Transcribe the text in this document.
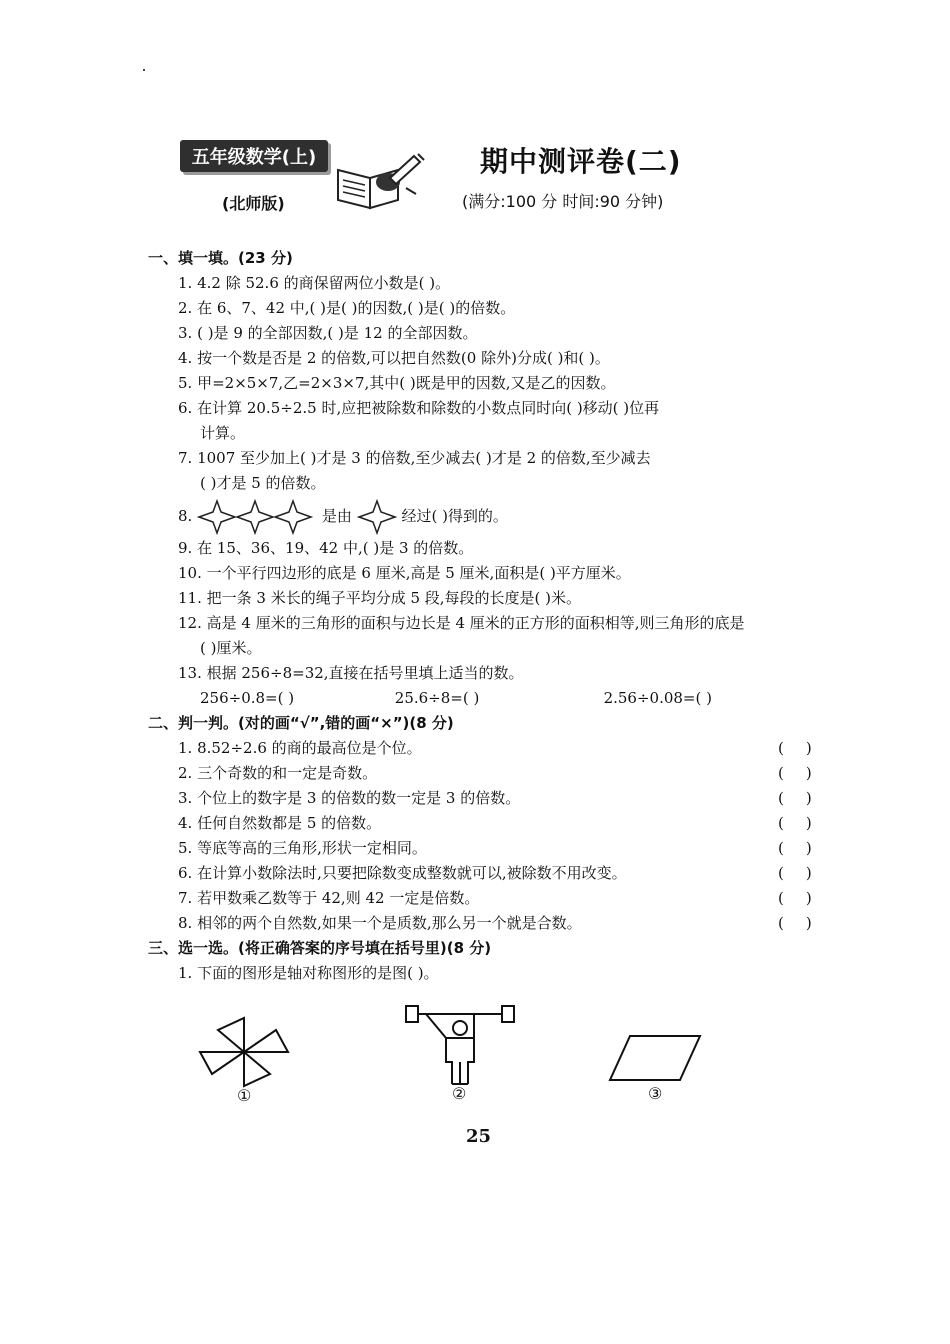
五年级数学(上)
(北师版)
期中测评卷(二)
(满分:100 分 时间:90 分钟)
一、填一填。(23 分)
1. 4.2 除 52.6 的商保留两位小数是( )。
2. 在 6、7、42 中,( )是( )的因数,( )是( )的倍数。
3. ( )是 9 的全部因数,( )是 12 的全部因数。
4. 按一个数是否是 2 的倍数,可以把自然数(0 除外)分成( )和( )。
5. 甲=2×5×7,乙=2×3×7,其中( )既是甲的因数,又是乙的因数。
6. 在计算 20.5÷2.5 时,应把被除数和除数的小数点同时向( )移动( )位再
计算。
7. 1007 至少加上( )才是 3 的倍数,至少减去( )才是 2 的倍数,至少减去
( )才是 5 的倍数。
8.	是由	经过( )得到的。
9. 在 15、36、19、42 中,( )是 3 的倍数。
10. 一个平行四边形的底是 6 厘米,高是 5 厘米,面积是( )平方厘米。
11. 把一条 3 米长的绳子平均分成 5 段,每段的长度是( )米。
12. 高是 4 厘米的三角形的面积与边长是 4 厘米的正方形的面积相等,则三角形的底是
( )厘米。
13. 根据 256÷8=32,直接在括号里填上适当的数。
256÷0.8=( )	25.6÷8=( )	2.56÷0.08=( )
二、判一判。(对的画“√”,错的画“×”)(8 分)
1. 8.52÷2.6 的商的最高位是个位。	()
2. 三个奇数的和一定是奇数。	()
3. 个位上的数字是 3 的倍数的数一定是 3 的倍数。	()
4. 任何自然数都是 5 的倍数。	()
5. 等底等高的三角形,形状一定相同。	()
6. 在计算小数除法时,只要把除数变成整数就可以,被除数不用改变。	()
7. 若甲数乘乙数等于 42,则 42 一定是倍数。	()
8. 相邻的两个自然数,如果一个是质数,那么另一个就是合数。	()
三、选一选。(将正确答案的序号填在括号里)(8 分)
1. 下面的图形是轴对称图形的是图( )。
①	②	③
25
